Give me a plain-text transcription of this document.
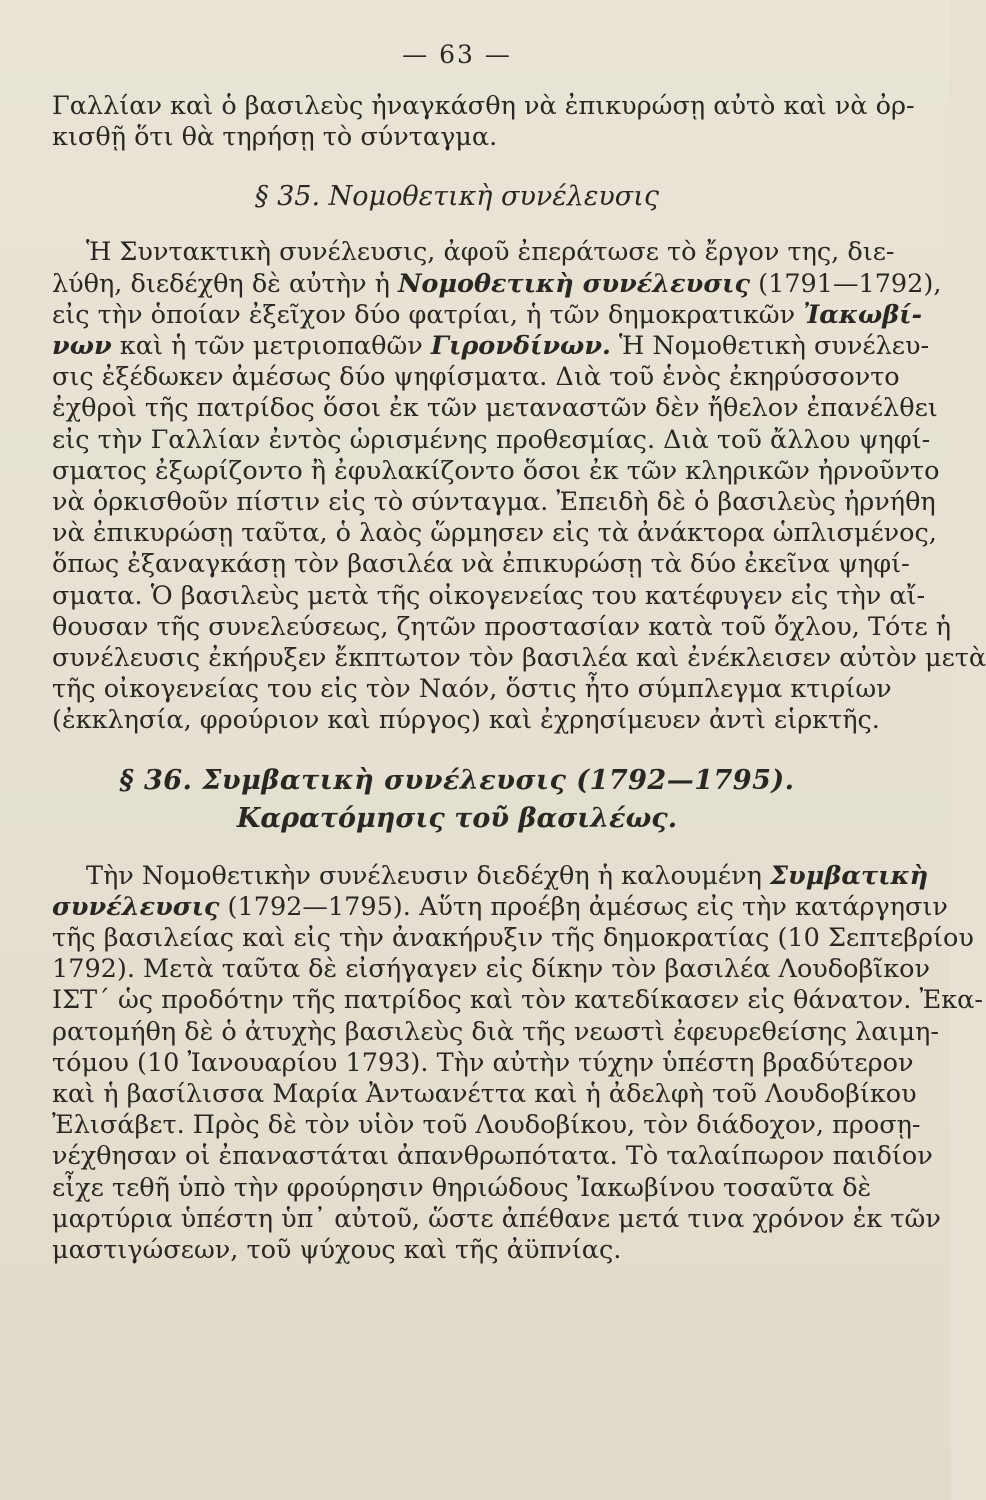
— 63 —
Γαλλίαν καὶ ὁ βασιλεὺς ἠναγκάσθη νὰ ἐπικυρώσῃ αὐτὸ καὶ νὰ ὀρ-
κισθῇ ὅτι θὰ τηρήσῃ τὸ σύνταγμα.
§ 35. Νομοθετικὴ συνέλευσις
Ἡ Συντακτικὴ συνέλευσις, ἀφοῦ ἐπεράτωσε τὸ ἔργον της, διε-
λύθη, διεδέχθη δὲ αὐτὴν ἡ Νομοθετικὴ συνέλευσις (1791—1792),
εἰς τὴν ὁποίαν ἐξεῖχον δύο φατρίαι, ἡ τῶν δημοκρατικῶν Ἰακωβί-
νων καὶ ἡ τῶν μετριοπαθῶν Γιρονδίνων. Ἡ Νομοθετικὴ συνέλευ-
σις ἐξέδωκεν ἀμέσως δύο ψηφίσματα. Διὰ τοῦ ἑνὸς ἐκηρύσσοντο
ἐχθροὶ τῆς πατρίδος ὅσοι ἐκ τῶν μεταναστῶν δὲν ἤθελον ἐπανέλθει
εἰς τὴν Γαλλίαν ἐντὸς ὡρισμένης προθεσμίας. Διὰ τοῦ ἄλλου ψηφί-
σματος ἐξωρίζοντο ἢ ἐφυλακίζοντο ὅσοι ἐκ τῶν κληρικῶν ἠρνοῦντο
νὰ ὁρκισθοῦν πίστιν εἰς τὸ σύνταγμα. Ἐπειδὴ δὲ ὁ βασιλεὺς ἠρνήθη
νὰ ἐπικυρώσῃ ταῦτα, ὁ λαὸς ὥρμησεν εἰς τὰ ἀνάκτορα ὡπλισμένος,
ὅπως ἐξαναγκάσῃ τὸν βασιλέα νὰ ἐπικυρώσῃ τὰ δύο ἐκεῖνα ψηφί-
σματα. Ὁ βασιλεὺς μετὰ τῆς οἰκογενείας του κατέφυγεν εἰς τὴν αἴ-
θουσαν τῆς συνελεύσεως, ζητῶν προστασίαν κατὰ τοῦ ὄχλου, Τότε ἡ
συνέλευσις ἐκήρυξεν ἔκπτωτον τὸν βασιλέα καὶ ἐνέκλεισεν αὐτὸν μετὰ
τῆς οἰκογενείας του εἰς τὸν Ναόν, ὅστις ἦτο σύμπλεγμα κτιρίων
(ἐκκλησία, φρούριον καὶ πύργος) καὶ ἐχρησίμευεν ἀντὶ εἱρκτῆς.
§ 36. Συμβατικὴ συνέλευσις (1792—1795).
Καρατόμησις τοῦ βασιλέως.
Τὴν Νομοθετικὴν συνέλευσιν διεδέχθη ἡ καλουμένη Συμβατικὴ
συνέλευσις (1792—1795). Αὕτη προέβη ἀμέσως εἰς τὴν κατάργησιν
τῆς βασιλείας καὶ εἰς τὴν ἀνακήρυξιν τῆς δημοκρατίας (10 Σεπτεβρίου
1792). Μετὰ ταῦτα δὲ εἰσήγαγεν εἰς δίκην τὸν βασιλέα Λουδοβῖκον
ΙΣΤ΄ ὡς προδότην τῆς πατρίδος καὶ τὸν κατεδίκασεν εἰς θάνατον. Ἐκα-
ρατομήθη δὲ ὁ ἀτυχὴς βασιλεὺς διὰ τῆς νεωστὶ ἐφευρεθείσης λαιμη-
τόμου (10 Ἰανουαρίου 1793). Τὴν αὐτὴν τύχην ὑπέστη βραδύτερον
καὶ ἡ βασίλισσα Μαρία Ἀντωανέττα καὶ ἡ ἀδελφὴ τοῦ Λουδοβίκου
Ἐλισάβετ. Πρὸς δὲ τὸν υἱὸν τοῦ Λουδοβίκου, τὸν διάδοχον, προσῃ-
νέχθησαν οἱ ἐπαναστάται ἀπανθρωπότατα. Τὸ ταλαίπωρον παιδίον
εἶχε τεθῆ ὑπὸ τὴν φρούρησιν θηριώδους Ἰακωβίνου τοσαῦτα δὲ
μαρτύρια ὑπέστη ὑπ᾽ αὐτοῦ, ὥστε ἀπέθανε μετά τινα χρόνον ἐκ τῶν
μαστιγώσεων, τοῦ ψύχους καὶ τῆς ἀϋπνίας.
